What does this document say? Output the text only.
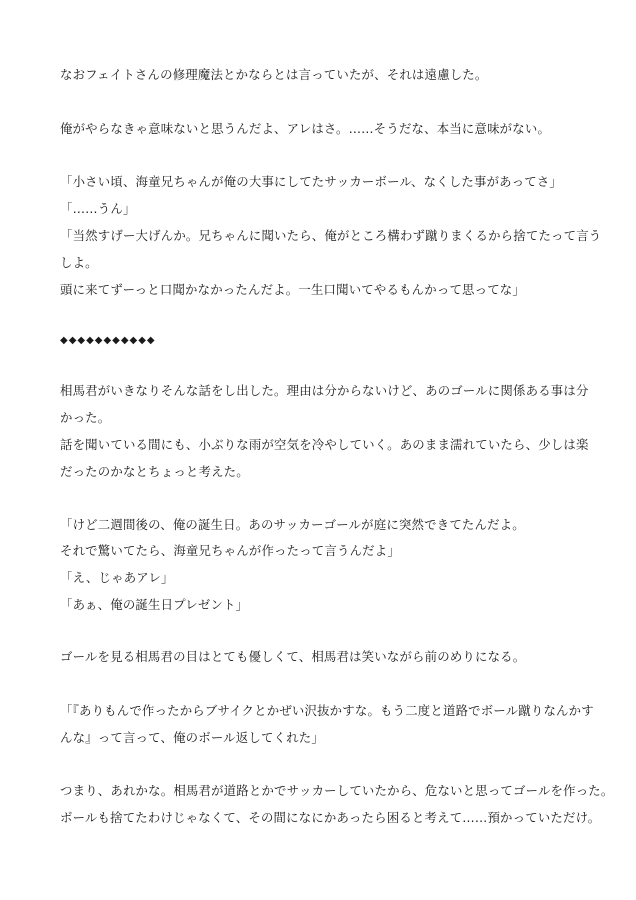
なおフェイトさんの修理魔法とかならとは言っていたが、それは遠慮した。
俺がやらなきゃ意味ないと思うんだよ、アレはさ。……そうだな、本当に意味がない。
「小さい頃、海童兄ちゃんが俺の大事にしてたサッカーボール、なくした事があってさ」
「……うん」
「当然すげー大げんか。兄ちゃんに聞いたら、俺がところ構わず蹴りまくるから捨てたって言う
しよ。
頭に来てずーっと口聞かなかったんだよ。一生口聞いてやるもんかって思ってな」
◆◆◆◆◆◆◆◆◆◆◆
相馬君がいきなりそんな話をし出した。理由は分からないけど、あのゴールに関係ある事は分
かった。
話を聞いている間にも、小ぶりな雨が空気を冷やしていく。あのまま濡れていたら、少しは楽
だったのかなとちょっと考えた。
「けど二週間後の、俺の誕生日。あのサッカーゴールが庭に突然できてたんだよ。
それで驚いてたら、海童兄ちゃんが作ったって言うんだよ」
「え、じゃあアレ」
「あぁ、俺の誕生日プレゼント」
ゴールを見る相馬君の目はとても優しくて、相馬君は笑いながら前のめりになる。
「『ありもんで作ったからブサイクとかぜい沢抜かすな。もう二度と道路でボール蹴りなんかす
んな』って言って、俺のボール返してくれた」
つまり、あれかな。相馬君が道路とかでサッカーしていたから、危ないと思ってゴールを作った。
ボールも捨てたわけじゃなくて、その間になにかあったら困ると考えて……預かっていただけ。
